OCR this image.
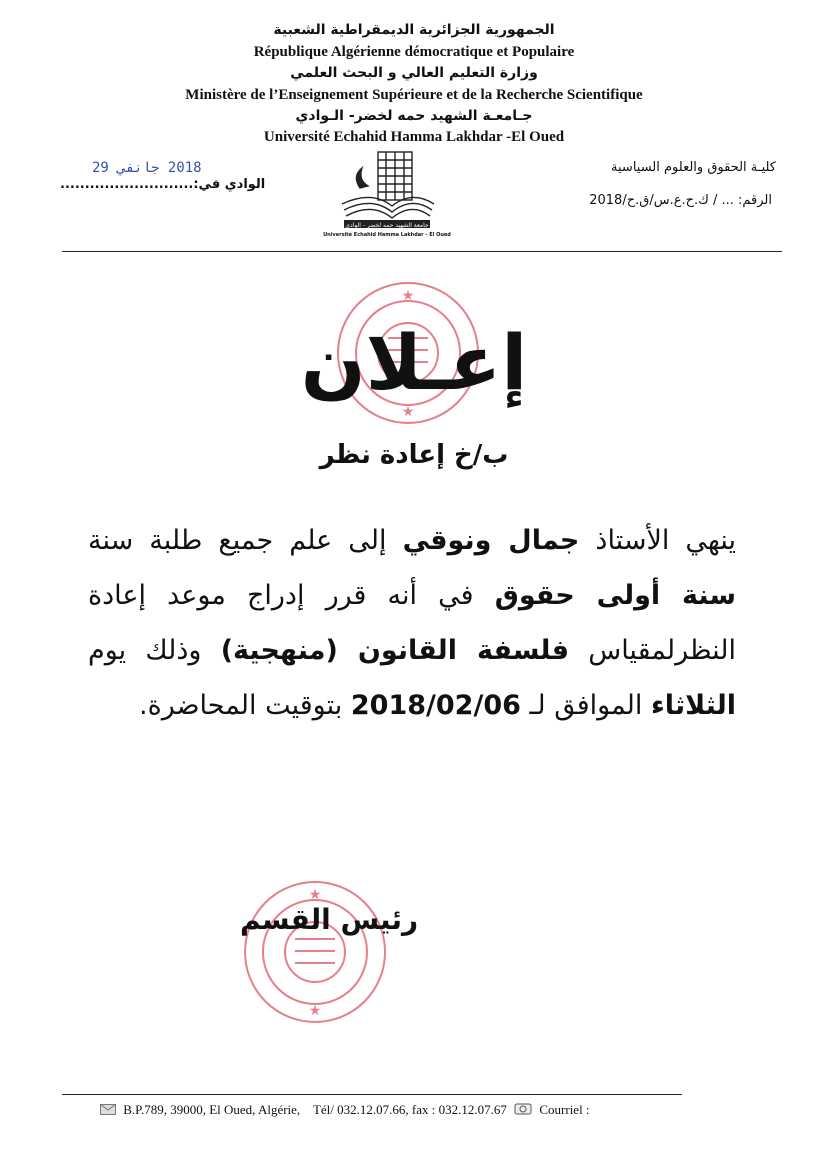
الجمهورية الجزائرية الديمقراطية الشعبية
République Algérienne démocratique et Populaire
وزارة التعليم العالي و البحث العلمي
Ministère de l’Enseignement Supérieure et de la Recherche Scientifique
جـامعـة الشهيد حمه لخضر- الـوادي
Université Echahid Hamma Lakhdar -El Oued
كليـة الحقوق والعلوم السياسية
الرقم: ... / ك.ح.ع.س/ق.ح/2018
2018 جانفي 29
الوادي في:...........................
جامعة الشهيد حمه لخضر - الوادي
Université Echahid Hamma Lakhdar - El Oued
★
★
إعـلان
ب/خ إعادة نظر
ينهي الأستاذ جمال ونوقي إلى علم جميع طلبة سنة سنة أولى حقوق في أنه قرر إدراج موعد إعادة النظرلمقياس فلسفة القانون (منهجية) وذلك يوم الثلاثاء الموافق لـ 2018/02/06 بتوقيت المحاضرة.
★
★
رئيس القسم
B.P.789, 39000, El Oued, Algérie, Tél/ 032.12.07.66, fax : 032.12.07.67	Courriel :
